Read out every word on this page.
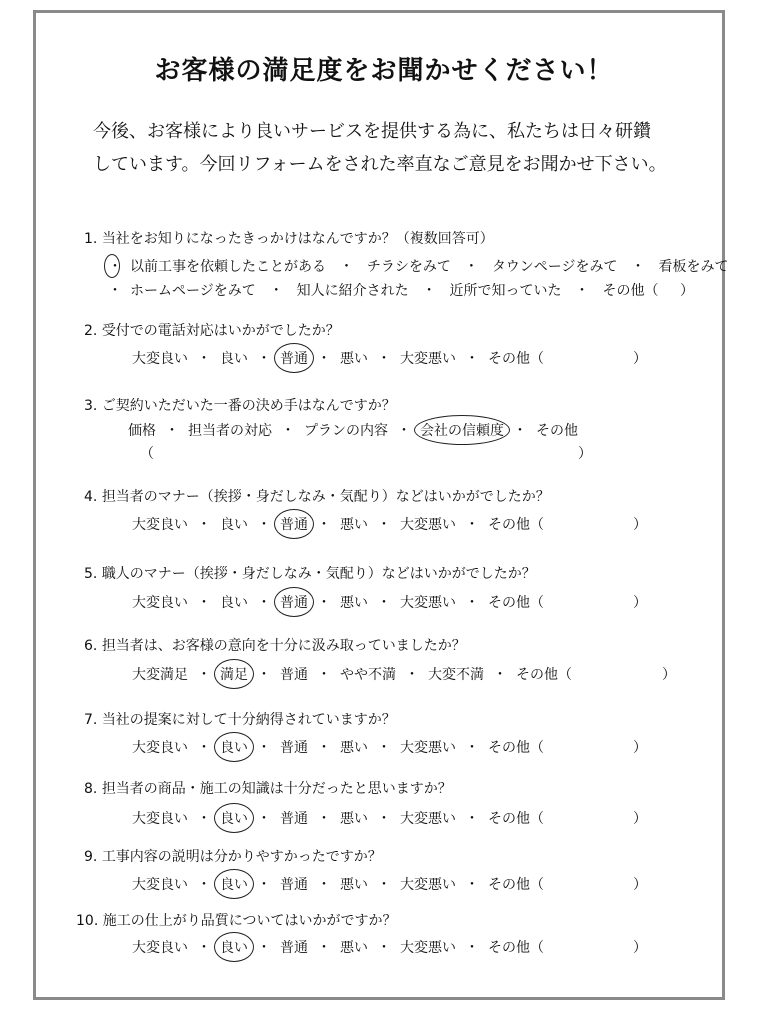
お客様の満足度をお聞かせください！
今後、お客様により良いサービスを提供する為に、私たちは日々研鑽
しています。今回リフォームをされた率直なご意見をお聞かせ下さい。
1. 当社をお知りになったきっかけはなんですか？（複数回答可）
・ 以前工事を依頼したことがある ・ チラシをみて ・ タウンページをみて ・ 看板をみて
・ ホームページをみて ・ 知人に紹介された ・ 近所で知っていた ・ その他（ ）
2. 受付での電話対応はいかがでしたか？
大変良い ・ 良い ・ 普通 ・ 悪い ・ 大変悪い ・ その他（	）
3. ご契約いただいた一番の決め手はなんですか？
価格 ・ 担当者の対応 ・ プランの内容 ・ 会社の信頼度 ・ その他
（	）
4. 担当者のマナー（挨拶・身だしなみ・気配り）などはいかがでしたか？
大変良い ・ 良い ・ 普通 ・ 悪い ・ 大変悪い ・ その他（	）
5. 職人のマナー（挨拶・身だしなみ・気配り）などはいかがでしたか？
大変良い ・ 良い ・ 普通 ・ 悪い ・ 大変悪い ・ その他（	）
6. 担当者は、お客様の意向を十分に汲み取っていましたか？
大変満足 ・ 満足 ・ 普通 ・ やや不満 ・ 大変不満 ・ その他（	）
7. 当社の提案に対して十分納得されていますか？
大変良い ・ 良い ・ 普通 ・ 悪い ・ 大変悪い ・ その他（	）
8. 担当者の商品・施工の知識は十分だったと思いますか？
大変良い ・ 良い ・ 普通 ・ 悪い ・ 大変悪い ・ その他（	）
9. 工事内容の説明は分かりやすかったですか？
大変良い ・ 良い ・ 普通 ・ 悪い ・ 大変悪い ・ その他（	）
10. 施工の仕上がり品質についてはいかがですか？
大変良い ・ 良い ・ 普通 ・ 悪い ・ 大変悪い ・ その他（	）
